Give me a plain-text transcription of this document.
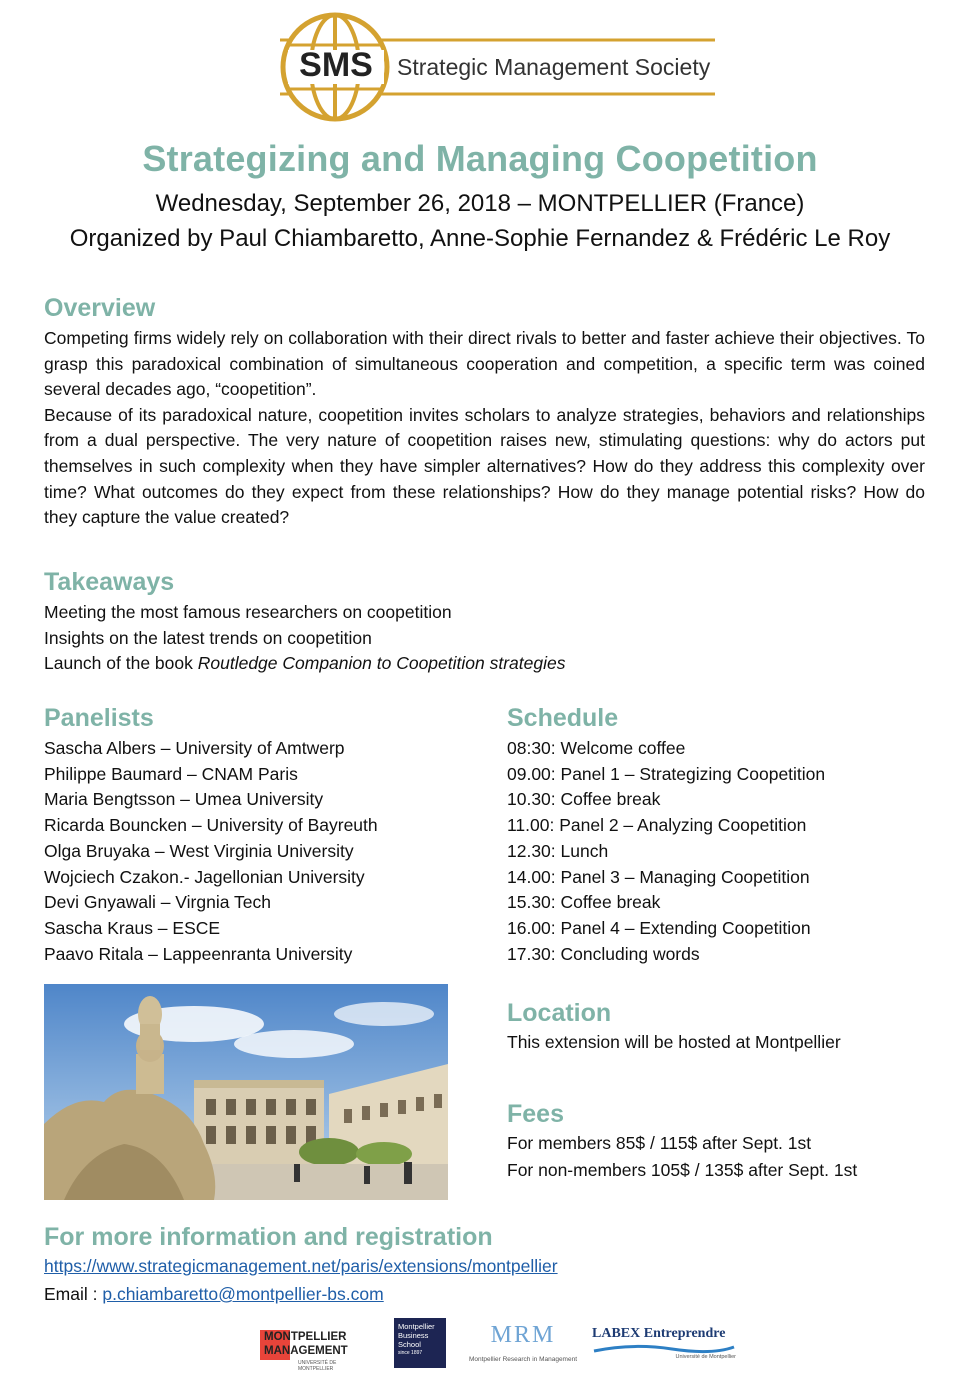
SMS	Strategic Management Society
Strategizing and Managing Coopetition
Wednesday, September 26, 2018 – MONTPELLIER (France)
Organized by Paul Chiambaretto, Anne-Sophie Fernandez & Frédéric Le Roy
Overview

Competing firms widely rely on collaboration with their direct rivals to better and faster achieve their objectives. To grasp this paradoxical combination of simultaneous cooperation and competition, a specific term was coined several decades ago, “coopetition”.

Because of its paradoxical nature, coopetition invites scholars to analyze strategies, behaviors and relationships from a dual perspective. The very nature of coopetition raises new, stimulating questions: why do actors put themselves in such complexity when they have simpler alternatives? How do they address this complexity over time? What outcomes do they expect from these relationships? How do they manage potential risks? How do they capture the value created?

Takeaways
Meeting the most famous researchers on coopetition
Insights on the latest trends on coopetition
Launch of the book Routledge Companion to Coopetition strategies
Panelists
Sascha Albers – University of Amtwerp
Philippe Baumard – CNAM Paris
Maria Bengtsson – Umea University
Ricarda Bouncken – University of Bayreuth
Olga Bruyaka – West Virginia University
Wojciech Czakon.- Jagellonian University
Devi Gnyawali – Virgnia Tech
Sascha Kraus – ESCE
Paavo Ritala – Lappeenranta University
Schedule
08:30: Welcome coffee
09.00: Panel 1 – Strategizing Coopetition
10.30: Coffee break
11.00: Panel 2 – Analyzing Coopetition
12.30: Lunch
14.00: Panel 3 – Managing Coopetition
15.30: Coffee break
16.00: Panel 4 – Extending Coopetition
17.30: Concluding words
Location
This extension will be hosted at Montpellier
Fees
For members 85$ / 115$ after Sept. 1st
For non-members 105$ / 135$ after Sept. 1st
For more information and registration
https://www.strategicmanagement.net/paris/extensions/montpellier
Email : p.chiambaretto@montpellier-bs.com
MONTPELLIER
MANAGEMENT
UNIVERSITÉ DE MONTPELLIER
Montpellier
Business
School
since 1897
MRM
Montpellier Research in Management
LABEX Entreprendre
Université de Montpellier
